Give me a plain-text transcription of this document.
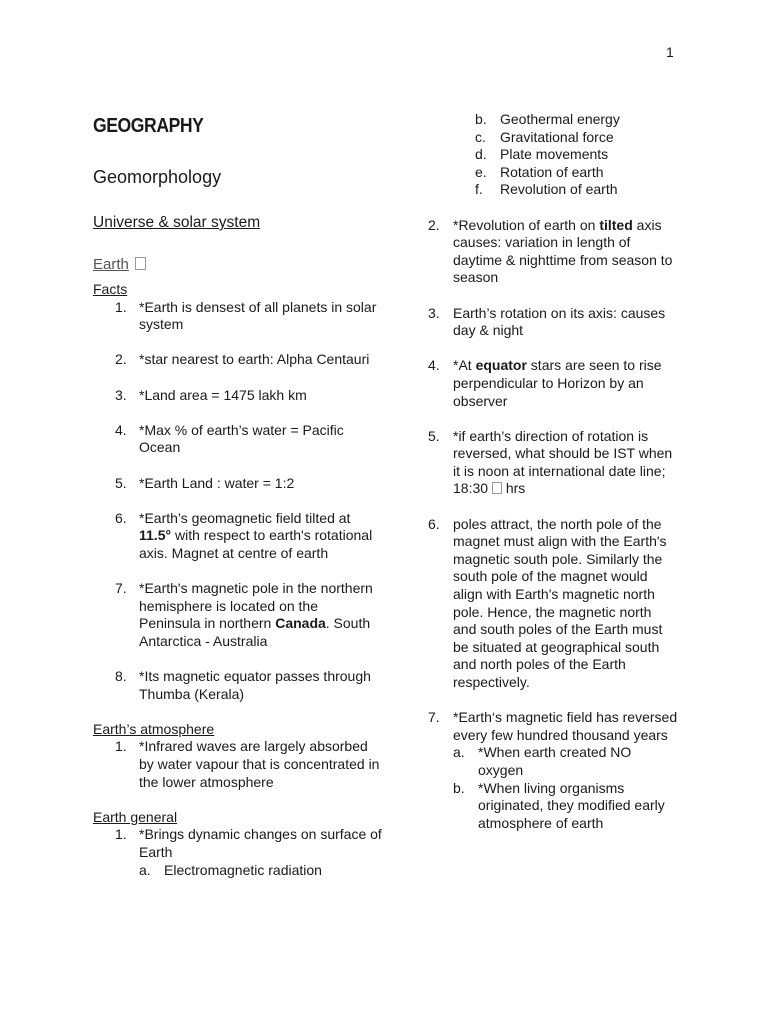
1
GEOGRAPHY
Geomorphology
Universe & solar system
Earth
Facts
1. *Earth is densest of all planets in solar system
2. *star nearest to earth: Alpha Centauri
3. *Land area = 1475 lakh km
4. *Max % of earth’s water = Pacific Ocean
5. *Earth Land : water = 1:2
6. *Earth’s geomagnetic field tilted at 11.5° with respect to earth's rotational axis. Magnet at centre of earth
7. *Earth's magnetic pole in the northern hemisphere is located on the Peninsula in northern Canada. South Antarctica - Australia
8. *Its magnetic equator passes through Thumba (Kerala)
Earth’s atmosphere
1. *Infrared waves are largely absorbed by water vapour that is concentrated in the lower atmosphere
Earth general
1. *Brings dynamic changes on surface of Earth
a. Electromagnetic radiation
b. Geothermal energy
c. Gravitational force
d. Plate movements
e. Rotation of earth
f. Revolution of earth
2. *Revolution of earth on tilted axis causes: variation in length of daytime & nighttime from season to season
3. Earth’s rotation on its axis: causes day & night
4. *At equator stars are seen to rise perpendicular to Horizon by an observer
5. *if earth’s direction of rotation is reversed, what should be IST when it is noon at international date line; 18:30  hrs
6. poles attract, the north pole of the magnet must align with the Earth's magnetic south pole. Similarly the south pole of the magnet would align with Earth's magnetic north pole. Hence, the magnetic north and south poles of the Earth must be situated at geographical south and north poles of the Earth respectively.
7. *Earth‘s magnetic field has reversed every few hundred thousand years
a. *When earth created NO oxygen
b. *When living organisms originated, they modified early atmosphere of earth
